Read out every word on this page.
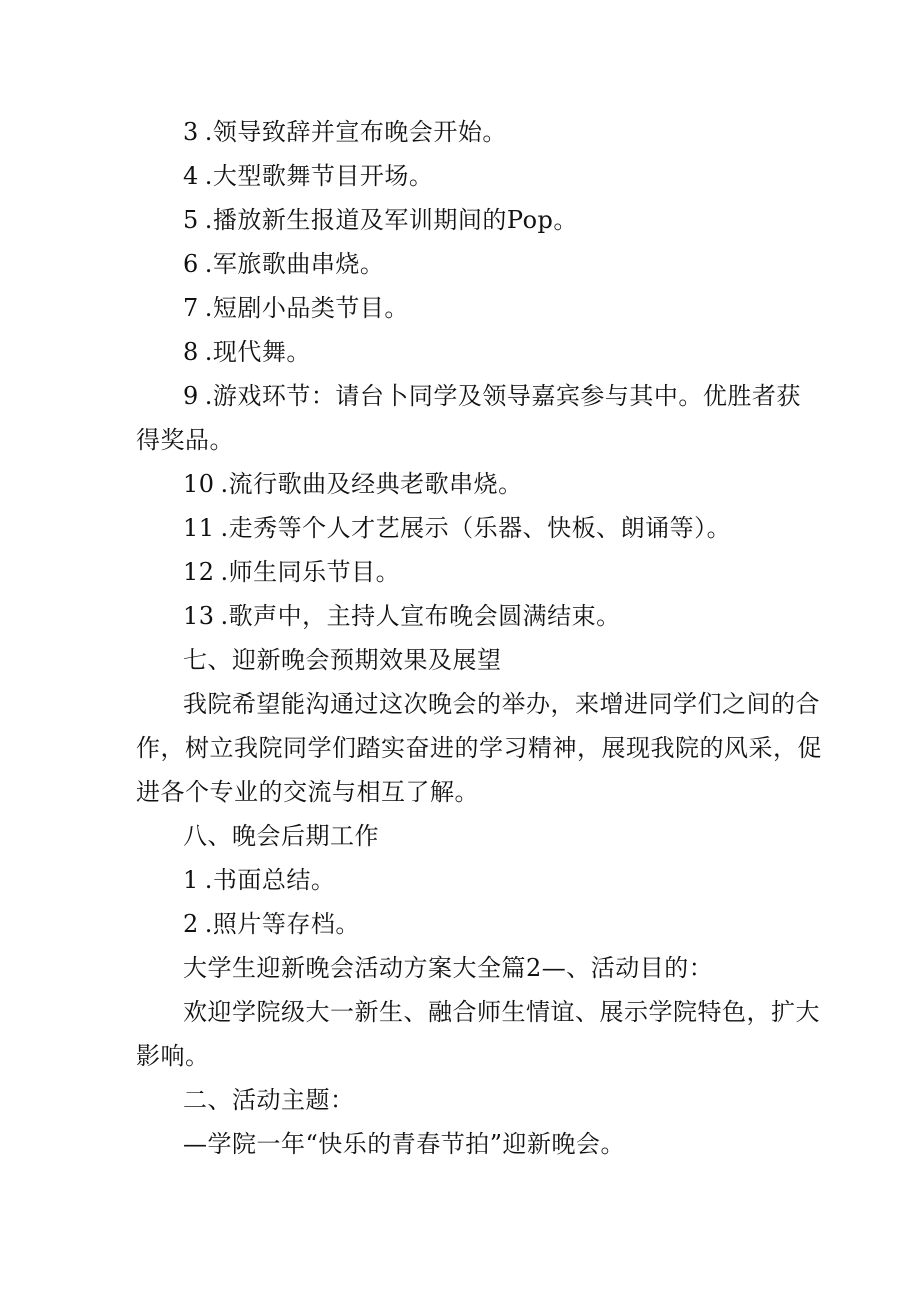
3 .领导致辞并宣布晚会开始。
4 .大型歌舞节目开场。
5 .播放新生报道及军训期间的Pop。
6 .军旅歌曲串烧。
7 .短剧小品类节目。
8 .现代舞。
9 .游戏环节：请台卜同学及领导嘉宾参与其中。优胜者获
得奖品。
10 .流行歌曲及经典老歌串烧。
11 .走秀等个人才艺展示（乐器、快板、朗诵等）。
12 .师生同乐节目。
13 .歌声中，主持人宣布晚会圆满结束。
七、迎新晚会预期效果及展望
我院希望能沟通过这次晚会的举办，来增进同学们之间的合
作，树立我院同学们踏实奋进的学习精神，展现我院的风采，促
进各个专业的交流与相互了解。
八、晚会后期工作
1 .书面总结。
2 .照片等存档。
大学生迎新晚会活动方案大全篇2—、活动目的：
欢迎学院级大一新生、融合师生情谊、展示学院特色，扩大
影响。
二、活动主题：
—学院一年“快乐的青春节拍”迎新晚会。
